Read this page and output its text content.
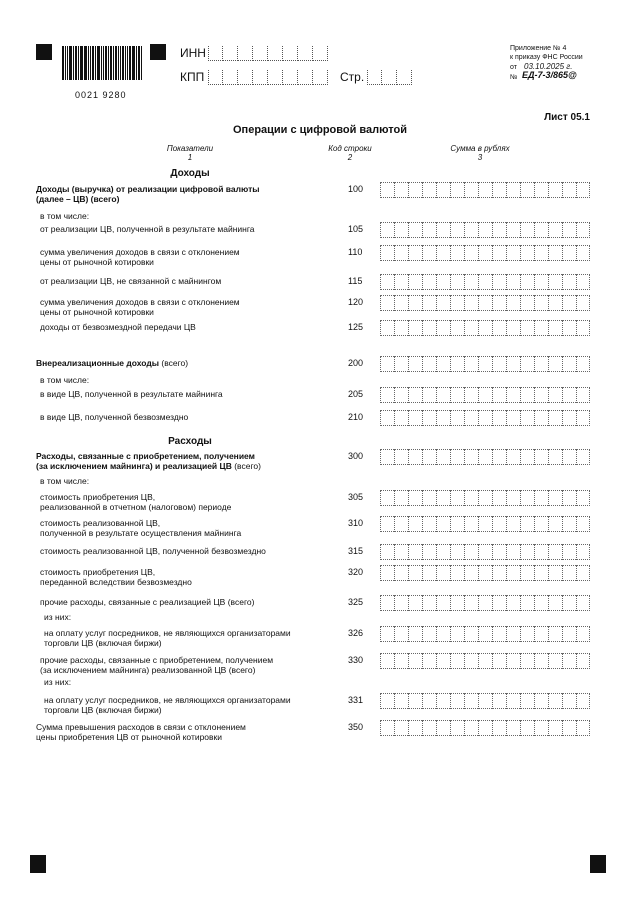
0021 9280
ИНН
КПП	Стр.
Приложение № 4
к приказу ФНС России
от 03.10.2025 г.
№ ЕД-7-3/865@
Лист 05.1
Операции с цифровой валютой
Показатели
1
Код строки
2
Сумма в рублях
3
Доходы
Расходы
Доходы (выручка) от реализации цифровой валюты
(далее – ЦВ) (всего)
100
в том числе:
от реализации ЦВ, полученной в результате майнинга	105
сумма увеличения доходов в связи с отклонением
цены от рыночной котировки
110
от реализации ЦВ, не связанной с майнингом	115
сумма увеличения доходов в связи с отклонением
цены от рыночной котировки
120
доходы от безвозмездной передачи ЦВ	125
Внереализационные доходы (всего)	200
в том числе:
в виде ЦВ, полученной в результате майнинга	205
в виде ЦВ, полученной безвозмездно	210
Расходы, связанные с приобретением, получением
(за исключением майнинга) и реализацией ЦВ (всего)
300
в том числе:
стоимость приобретения ЦВ,
реализованной в отчетном (налоговом) периоде
305
стоимость реализованной ЦВ,
полученной в результате осуществления майнинга
310
стоимость реализованной ЦВ, полученной безвозмездно	315
стоимость приобретения ЦВ,
переданной вследствии безвозмездно
320
прочие расходы, связанные с реализацией ЦВ (всего)	325
из них:
на оплату услуг посредников, не являющихся организаторами
торговли ЦВ (включая биржи)
326
прочие расходы, связанные с приобретением, получением
(за исключением майнинга) реализованной ЦВ (всего)
330
из них:
на оплату услуг посредников, не являющихся организаторами
торговли ЦВ (включая биржи)
331
Сумма превышения расходов в связи с отклонением
цены приобретения ЦВ от рыночной котировки
350
